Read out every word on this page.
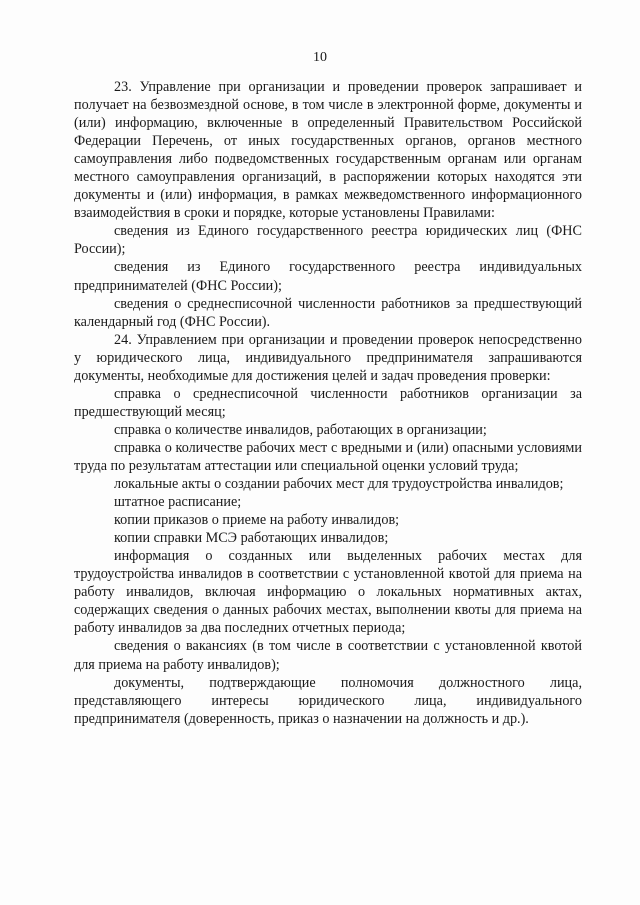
10

23. Управление при организации и проведении проверок запрашивает и получает на безвозмездной основе, в том числе в электронной форме, документы и (или) информацию, включенные в определенный Правительством Российской Федерации Перечень, от иных государственных органов, органов местного самоуправления либо подведомственных государственным органам или органам местного самоуправления организаций, в распоряжении которых находятся эти документы и (или) информация, в рамках межведомственного информационного взаимодействия в сроки и порядке, которые установлены Правилами:

сведения из Единого государственного реестра юридических лиц (ФНС России);

сведения из Единого государственного реестра индивидуальных предпринимателей (ФНС России);

сведения о среднесписочной численности работников за предшествующий календарный год (ФНС России).

24. Управлением при организации и проведении проверок непосредственно у юридического лица, индивидуального предпринимателя запрашиваются документы, необходимые для достижения целей и задач проведения проверки:

справка о среднесписочной численности работников организации за предшествующий месяц;

справка о количестве инвалидов, работающих в организации;

справка о количестве рабочих мест с вредными и (или) опасными условиями труда по результатам аттестации или специальной оценки условий труда;

локальные акты о создании рабочих мест для трудоустройства инвалидов;

штатное расписание;

копии приказов о приеме на работу инвалидов;

копии справки МСЭ работающих инвалидов;

информация о созданных или выделенных рабочих местах для трудоустройства инвалидов в соответствии с установленной квотой для приема на работу инвалидов, включая информацию о локальных нормативных актах, содержащих сведения о данных рабочих местах, выполнении квоты для приема на работу инвалидов за два последних отчетных периода;

сведения о вакансиях (в том числе в соответствии с установленной квотой для приема на работу инвалидов);

документы, подтверждающие полномочия должностного лица, представляющего интересы юридического лица, индивидуального предпринимателя (доверенность, приказ о назначении на должность и др.).
